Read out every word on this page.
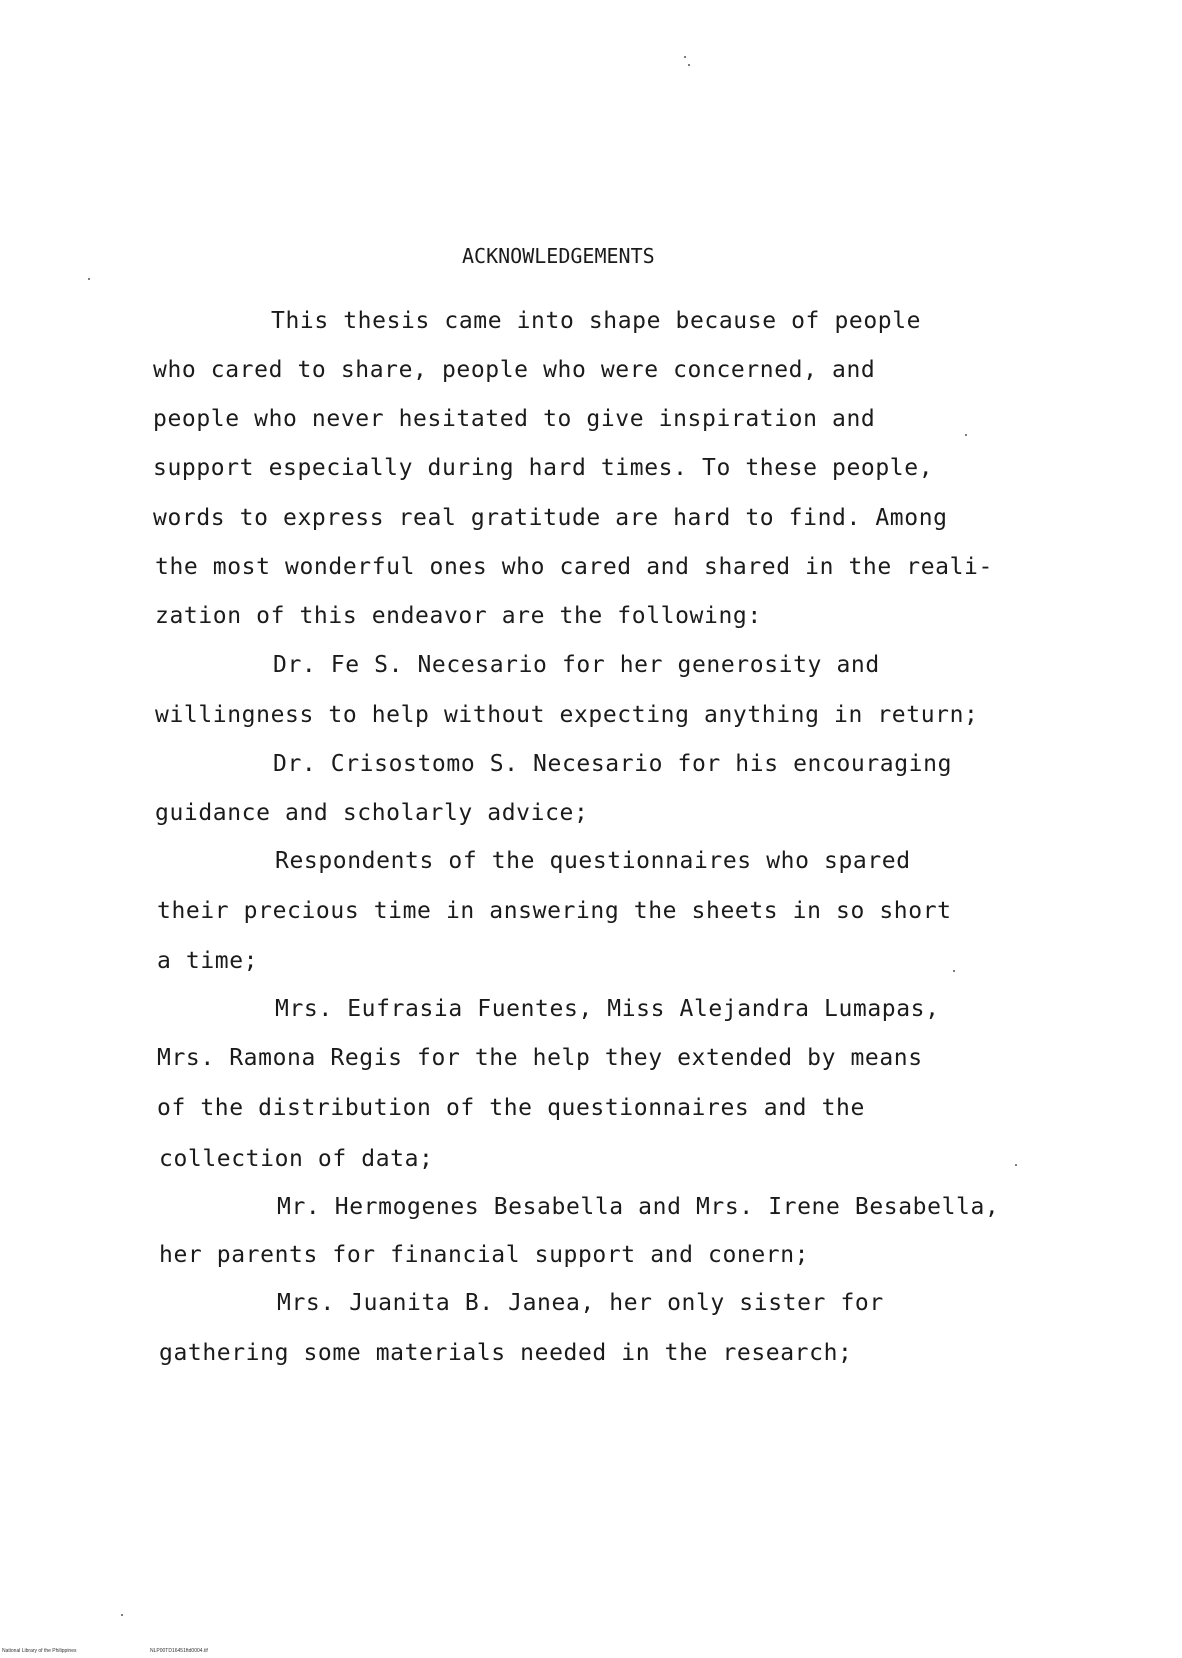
ACKNOWLEDGEMENTS
This thesis came into shape because of people
who cared to share, people who were concerned, and
people who never hesitated to give inspiration and
support especially during hard times. To these people,
words to express real gratitude are hard to find. Among
the most wonderful ones who cared and shared in the reali-
zation of this endeavor are the following:
Dr. Fe S. Necesario for her generosity and
willingness to help without expecting anything in return;
Dr. Crisostomo S. Necesario for his encouraging
guidance and scholarly advice;
Respondents of the questionnaires who spared
their precious time in answering the sheets in so short
a time;
Mrs. Eufrasia Fuentes, Miss Alejandra Lumapas,
Mrs. Ramona Regis for the help they extended by means
of the distribution of the questionnaires and the
collection of data;
Mr. Hermogenes Besabella and Mrs. Irene Besabella,
her parents for financial support and conern;
Mrs. Juanita B. Janea, her only sister for
gathering some materials needed in the research;
National Library of the Philippines	NLP00TD16451ftd0004.tif
